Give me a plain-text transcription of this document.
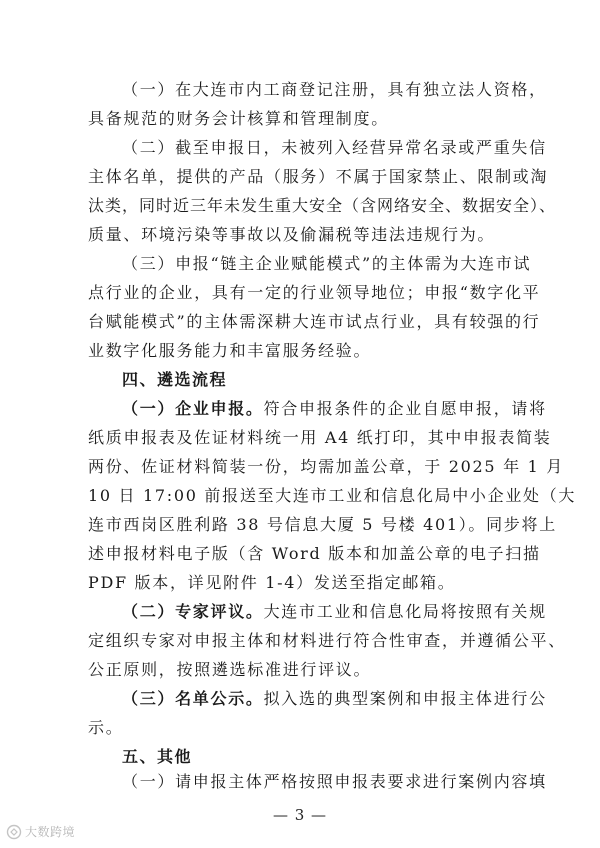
（一）在大连市内工商登记注册，具有独立法人资格，
具备规范的财务会计核算和管理制度。
（二）截至申报日，未被列入经营异常名录或严重失信
主体名单，提供的产品（服务）不属于国家禁止、限制或淘
汰类，同时近三年未发生重大安全（含网络安全、数据安全）、
质量、环境污染等事故以及偷漏税等违法违规行为。
（三）申报“链主企业赋能模式”的主体需为大连市试
点行业的企业，具有一定的行业领导地位；申报“数字化平
台赋能模式”的主体需深耕大连市试点行业，具有较强的行
业数字化服务能力和丰富服务经验。
四、遴选流程
（一）企业申报。符合申报条件的企业自愿申报，请将
纸质申报表及佐证材料统一用 A4 纸打印，其中申报表简装
两份、佐证材料简装一份，均需加盖公章，于 2025 年 1 月
10 日 17:00 前报送至大连市工业和信息化局中小企业处（大
连市西岗区胜利路 38 号信息大厦 5 号楼 401）。同步将上
述申报材料电子版（含 Word 版本和加盖公章的电子扫描
PDF 版本，详见附件 1-4）发送至指定邮箱。
（二）专家评议。大连市工业和信息化局将按照有关规
定组织专家对申报主体和材料进行符合性审查，并遵循公平、
公正原则，按照遴选标准进行评议。
（三）名单公示。拟入选的典型案例和申报主体进行公
示。
五、其他
（一）请申报主体严格按照申报表要求进行案例内容填
— 3 —
大数跨境
